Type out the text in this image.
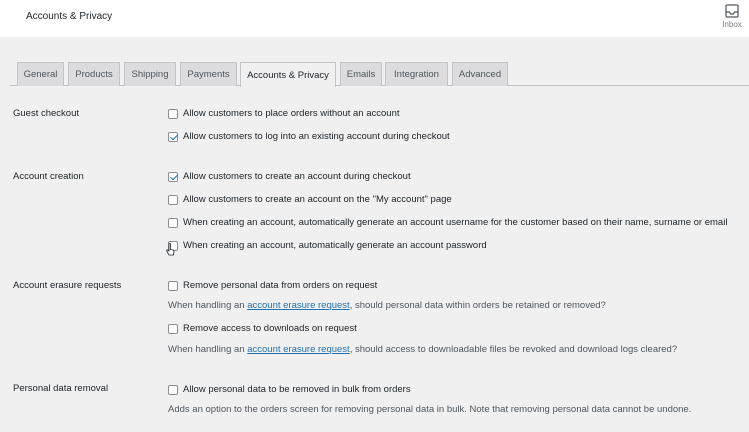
Accounts & Privacy
Inbox
General	Products	Shipping	Payments	Accounts & Privacy	Emails	Integration	Advanced
Guest checkout	Allow customers to place orders without an account
Allow customers to log into an existing account during checkout
Account creation	Allow customers to create an account during checkout
Allow customers to create an account on the "My account" page
When creating an account, automatically generate an account username for the customer based on their name, surname or email
When creating an account, automatically generate an account password
Account erasure requests	Remove personal data from orders on request
When handling an account erasure request, should personal data within orders be retained or removed?
Remove access to downloads on request
When handling an account erasure request, should access to downloadable files be revoked and download logs cleared?
Personal data removal	Allow personal data to be removed in bulk from orders
Adds an option to the orders screen for removing personal data in bulk. Note that removing personal data cannot be undone.
